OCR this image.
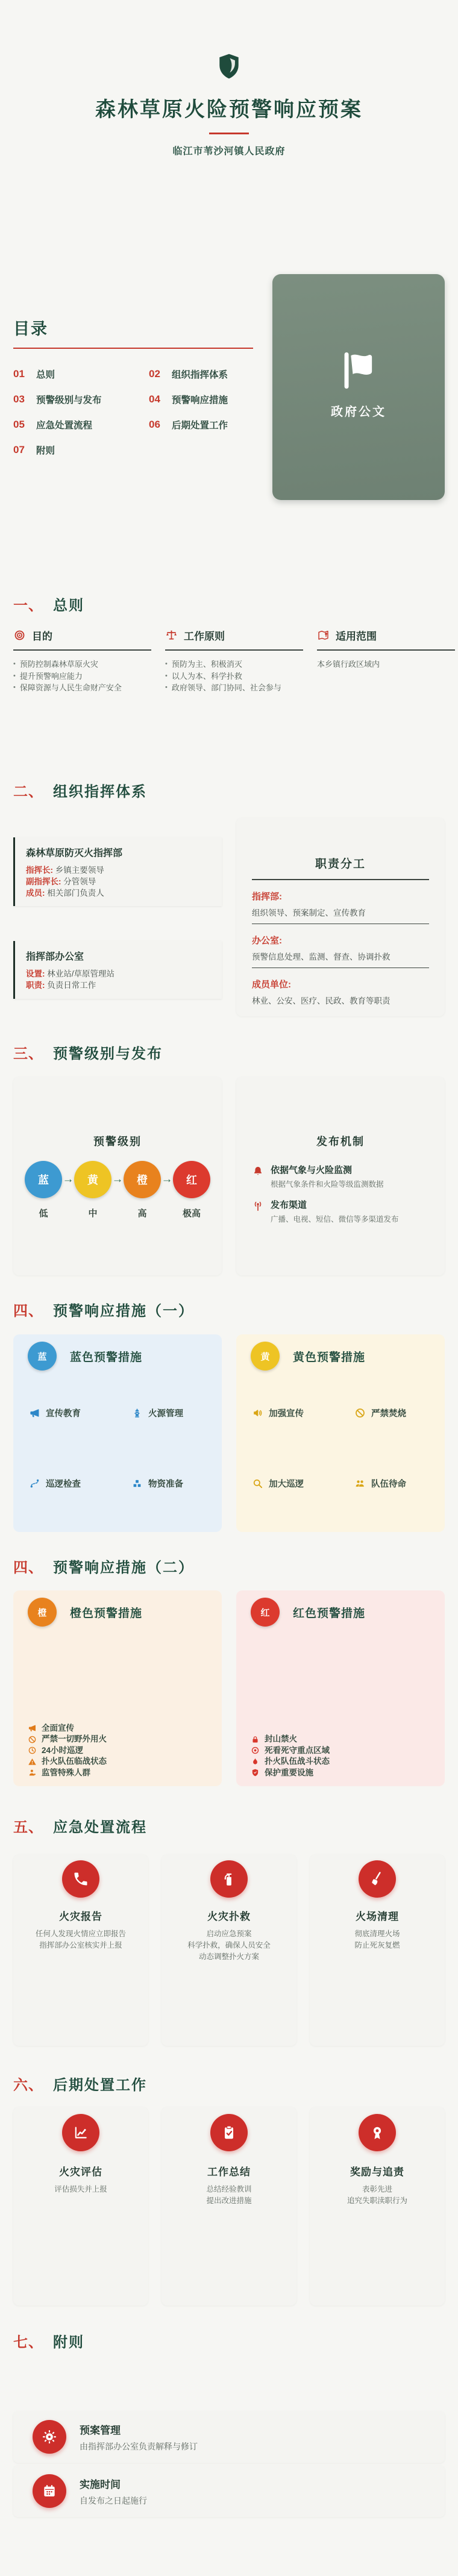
森林草原火险预警响应预案
临江市苇沙河镇人民政府
目录
01	总则	02	组织指挥体系
03	预警级别与发布	04	预警响应措施
05	应急处置流程	06	后期处置工作
07	附则
政府公文
一、 总则
目的
• 预防控制森林草原火灾
• 提升预警响应能力
• 保障资源与人民生命财产安全
工作原则
• 预防为主、积极消灭
• 以人为本、科学扑救
• 政府领导、部门协同、社会参与
适用范围
本乡镇行政区域内
二、 组织指挥体系
森林草原防灭火指挥部
指挥长: 乡镇主要领导
副指挥长: 分管领导
成员: 相关部门负责人
指挥部办公室
设置: 林业站/草原管理站
职责: 负责日常工作
职责分工
指挥部:
组织领导、预案制定、宣传教育
办公室:
预警信息处理、监测、督查、协调扑救
成员单位:
林业、公安、医疗、民政、教育等职责
三、 预警级别与发布
预警级别
蓝	→	黄	→	橙	→	红
低	中	高	极高
发布机制
依据气象与火险监测
根据气象条件和火险等级监测数据
发布渠道
广播、电视、短信、微信等多渠道发布
四、 预警响应措施（一）
蓝	蓝色预警措施
宣传教育	火源管理
巡逻检查	物资准备
黄	黄色预警措施
加强宣传	严禁焚烧
加大巡逻	队伍待命
四、 预警响应措施（二）
橙	橙色预警措施
全面宣传
严禁一切野外用火
24小时巡逻
扑火队伍临战状态
监管特殊人群
红	红色预警措施
封山禁火
死看死守重点区域
扑火队伍战斗状态
保护重要设施
五、 应急处置流程
火灾报告
任何人发现火情应立即报告
指挥部办公室核实并上报
火灾扑救
启动应急预案
科学扑救，确保人员安全
动态调整扑火方案
火场清理
彻底清理火场
防止死灰复燃
六、 后期处置工作
火灾评估
评估损失并上报
工作总结
总结经验教训
提出改进措施
奖励与追责
表彰先进
追究失职渎职行为
七、 附则
预案管理
由指挥部办公室负责解释与修订
实施时间
自发布之日起施行
